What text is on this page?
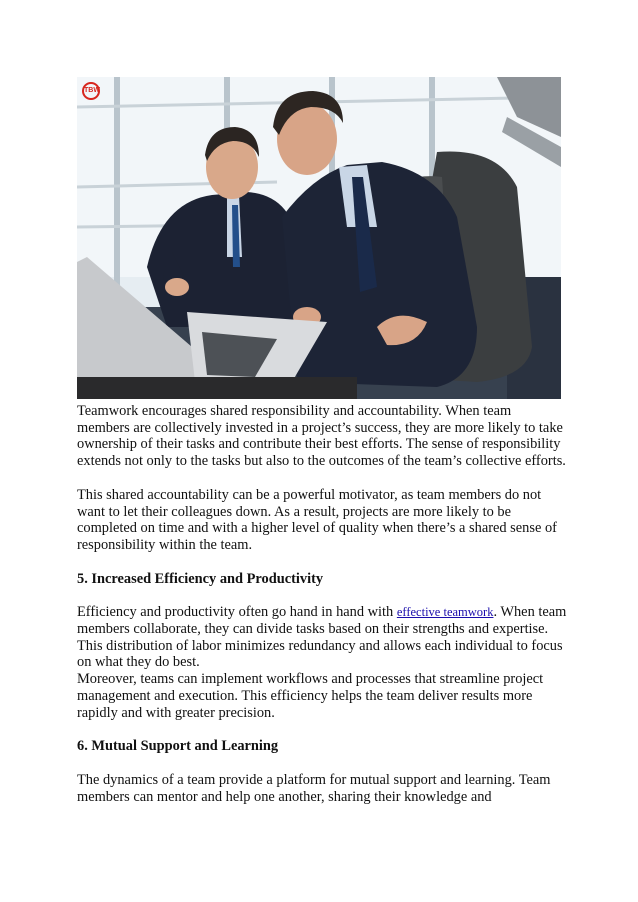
TBW

Teamwork encourages shared responsibility and accountability. When team members are collectively invested in a project’s success, they are more likely to take ownership of their tasks and contribute their best efforts. The sense of responsibility extends not only to the tasks but also to the outcomes of the team’s collective efforts.

This shared accountability can be a powerful motivator, as team members do not want to let their colleagues down. As a result, projects are more likely to be completed on time and with a higher level of quality when there’s a shared sense of responsibility within the team.

5. Increased Efficiency and Productivity

Efficiency and productivity often go hand in hand with effective teamwork. When team members collaborate, they can divide tasks based on their strengths and expertise. This distribution of labor minimizes redundancy and allows each individual to focus on what they do best.

Moreover, teams can implement workflows and processes that streamline project management and execution. This efficiency helps the team deliver results more rapidly and with greater precision.

6. Mutual Support and Learning

The dynamics of a team provide a platform for mutual support and learning. Team members can mentor and help one another, sharing their knowledge and
